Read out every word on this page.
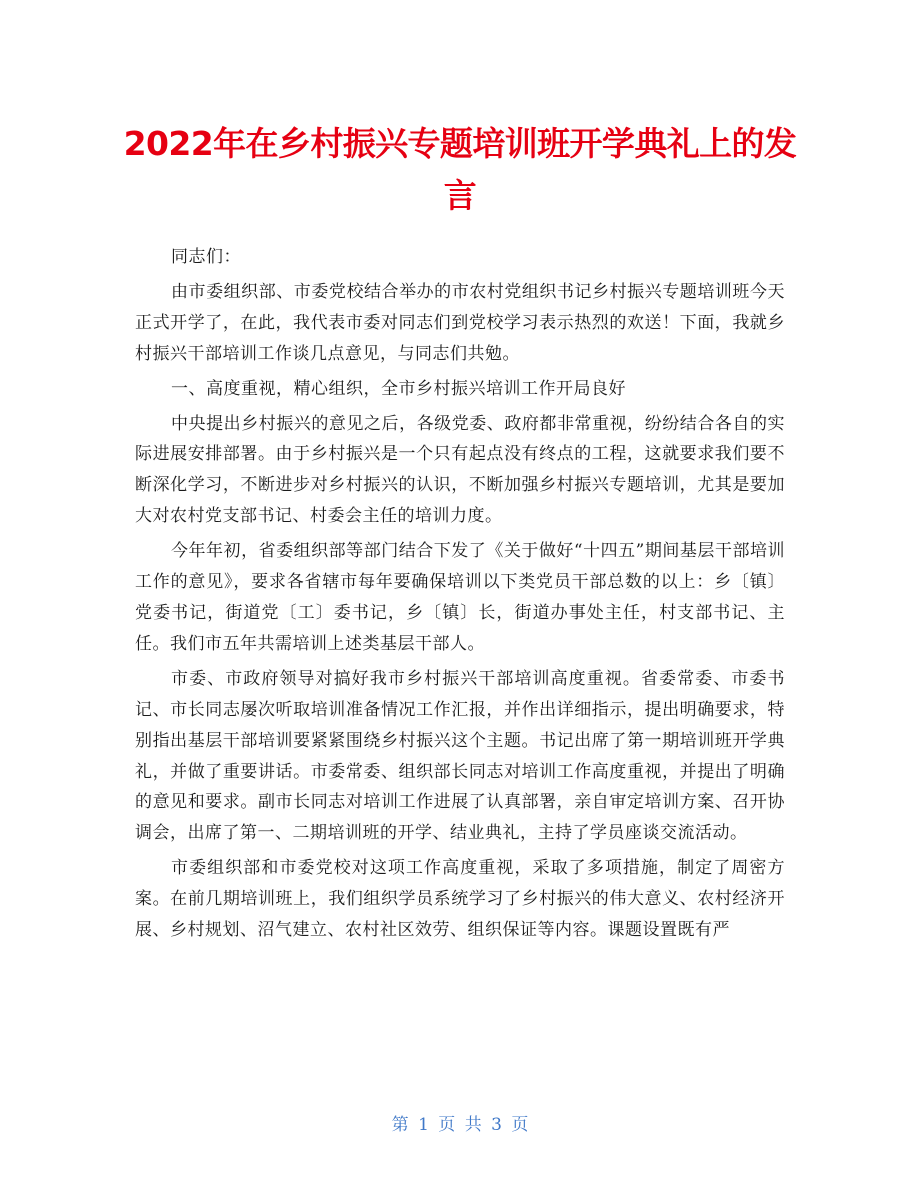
2022年在乡村振兴专题培训班开学典礼上的发言

同志们：

由市委组织部、市委党校结合举办的市农村党组织书记乡村振兴专题培训班今天正式开学了，在此，我代表市委对同志们到党校学习表示热烈的欢送！下面，我就乡村振兴干部培训工作谈几点意见，与同志们共勉。

一、高度重视，精心组织，全市乡村振兴培训工作开局良好

中央提出乡村振兴的意见之后，各级党委、政府都非常重视，纷纷结合各自的实际进展安排部署。由于乡村振兴是一个只有起点没有终点的工程，这就要求我们要不断深化学习，不断进步对乡村振兴的认识，不断加强乡村振兴专题培训，尤其是要加大对农村党支部书记、村委会主任的培训力度。

今年年初，省委组织部等部门结合下发了《关于做好“十四五”期间基层干部培训工作的意见》，要求各省辖市每年要确保培训以下类党员干部总数的以上：乡〔镇〕党委书记，街道党〔工〕委书记，乡〔镇〕长，街道办事处主任，村支部书记、主任。我们市五年共需培训上述类基层干部人。

市委、市政府领导对搞好我市乡村振兴干部培训高度重视。省委常委、市委书记、市长同志屡次听取培训准备情况工作汇报，并作出详细指示，提出明确要求，特别指出基层干部培训要紧紧围绕乡村振兴这个主题。书记出席了第一期培训班开学典礼，并做了重要讲话。市委常委、组织部长同志对培训工作高度重视，并提出了明确的意见和要求。副市长同志对培训工作进展了认真部署，亲自审定培训方案、召开协调会，出席了第一、二期培训班的开学、结业典礼，主持了学员座谈交流活动。

市委组织部和市委党校对这项工作高度重视，采取了多项措施，制定了周密方案。在前几期培训班上，我们组织学员系统学习了乡村振兴的伟大意义、农村经济开展、乡村规划、沼气建立、农村社区效劳、组织保证等内容。课题设置既有严

第 1 页 共 3 页
